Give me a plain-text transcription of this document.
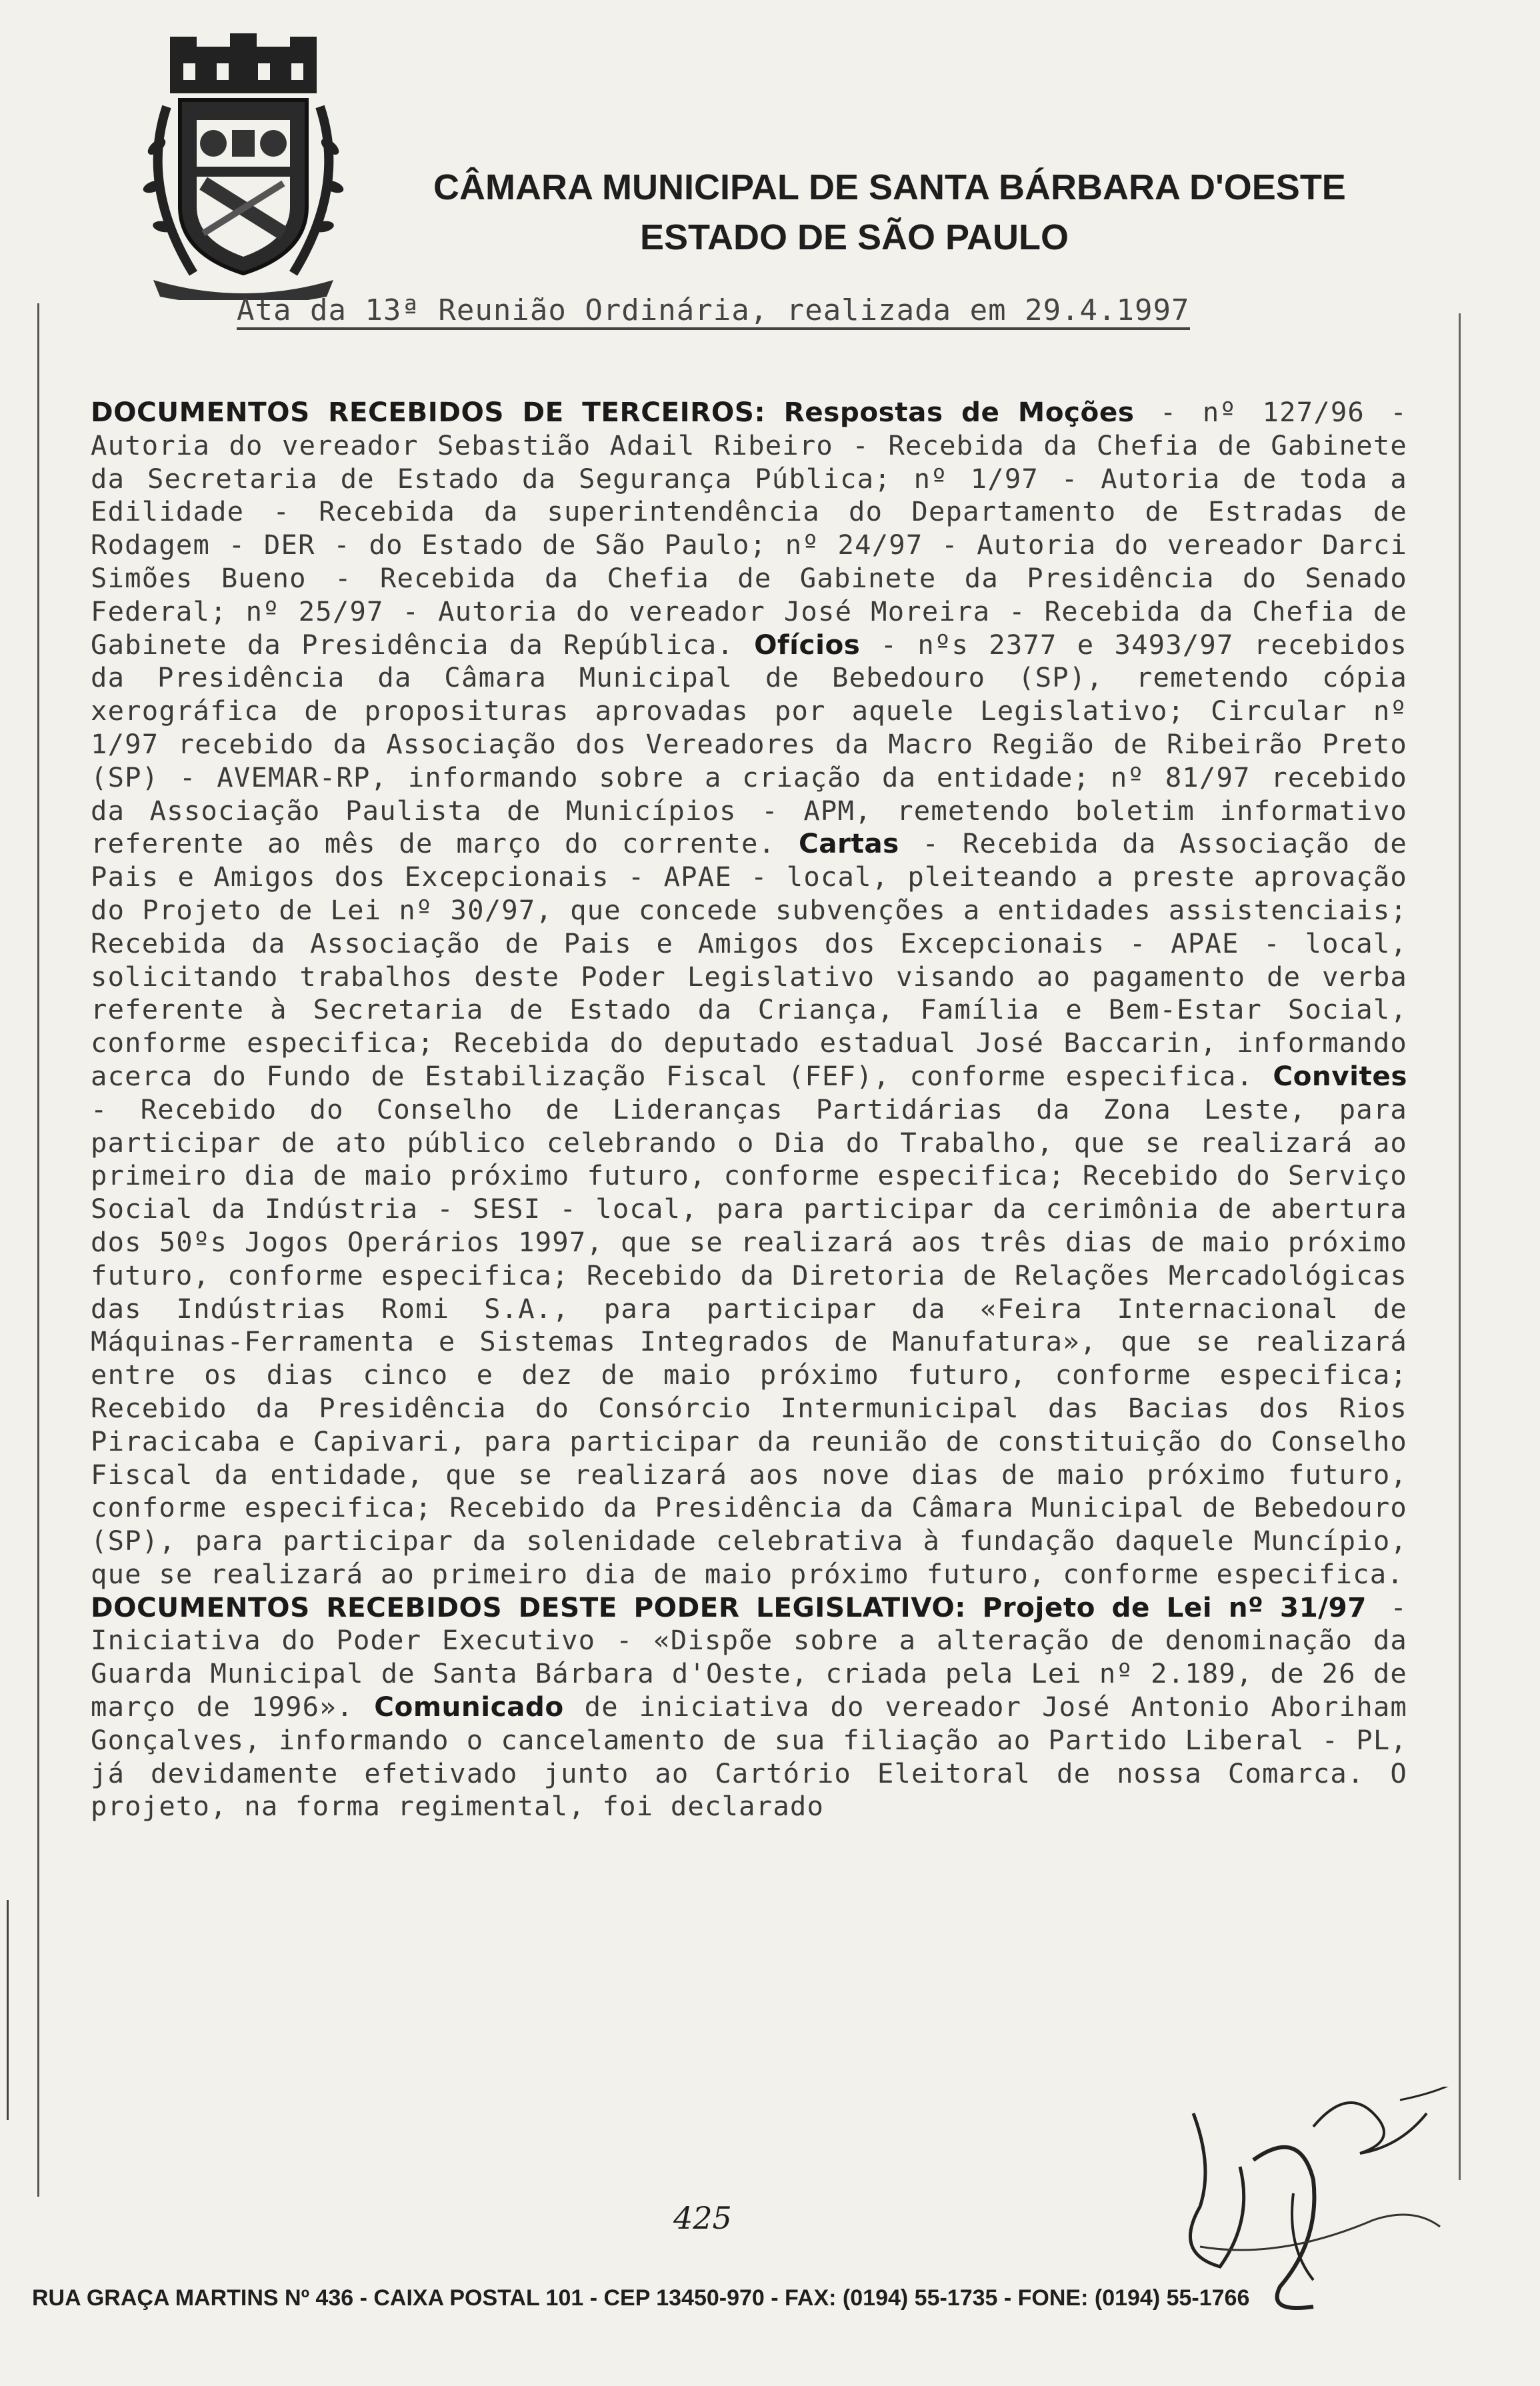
CÂMARA MUNICIPAL DE SANTA BÁRBARA D'OESTE
ESTADO DE SÃO PAULO
Ata da 13ª Reunião Ordinária, realizada em 29.4.1997
DOCUMENTOS RECEBIDOS DE TERCEIROS: Respostas de Moções - nº 127/96 - Autoria do vereador Sebastião Adail Ribeiro - Recebida da Chefia de Gabinete da Secretaria de Estado da Segurança Pública; nº 1/97 - Autoria de toda a Edilidade - Recebida da superintendência do Departamento de Estradas de Rodagem - DER - do Estado de São Paulo; nº 24/97 - Autoria do vereador Darci Simões Bueno - Recebida da Chefia de Gabinete da Presidência do Senado Federal; nº 25/97 - Autoria do vereador José Moreira - Recebida da Chefia de Gabinete da Presidência da República. Ofícios - nºs 2377 e 3493/97 recebidos da Presidência da Câmara Municipal de Bebedouro (SP), remetendo cópia xerográfica de proposituras aprovadas por aquele Legislativo; Circular nº 1/97 recebido da Associação dos Vereadores da Macro Região de Ribeirão Preto (SP) - AVEMAR-RP, informando sobre a criação da entidade; nº 81/97 recebido da Associação Paulista de Municípios - APM, remetendo boletim informativo referente ao mês de março do corrente. Cartas - Recebida da Associação de Pais e Amigos dos Excepcionais - APAE - local, pleiteando a preste aprovação do Projeto de Lei nº 30/97, que concede subvenções a entidades assistenciais; Recebida da Associação de Pais e Amigos dos Excepcionais - APAE - local, solicitando trabalhos deste Poder Legislativo visando ao pagamento de verba referente à Secretaria de Estado da Criança, Família e Bem-Estar Social, conforme especifica; Recebida do deputado estadual José Baccarin, informando acerca do Fundo de Estabilização Fiscal (FEF), conforme especifica. Convites - Recebido do Conselho de Lideranças Partidárias da Zona Leste, para participar de ato público celebrando o Dia do Trabalho, que se realizará ao primeiro dia de maio próximo futuro, conforme especifica; Recebido do Serviço Social da Indústria - SESI - local, para participar da cerimônia de abertura dos 50ºs Jogos Operários 1997, que se realizará aos três dias de maio próximo futuro, conforme especifica; Recebido da Diretoria de Relações Mercadológicas das Indústrias Romi S.A., para participar da «Feira Internacional de Máquinas-Ferramenta e Sistemas Integrados de Manufatura», que se realizará entre os dias cinco e dez de maio próximo futuro, conforme especifica; Recebido da Presidência do Consórcio Intermunicipal das Bacias dos Rios Piracicaba e Capivari, para participar da reunião de constituição do Conselho Fiscal da entidade, que se realizará aos nove dias de maio próximo futuro, conforme especifica; Recebido da Presidência da Câmara Municipal de Bebedouro (SP), para participar da solenidade celebrativa à fundação daquele Muncípio, que se realizará ao primeiro dia de maio próximo futuro, conforme especifica.
DOCUMENTOS RECEBIDOS DESTE PODER LEGISLATIVO: Projeto de Lei nº 31/97 - Iniciativa do Poder Executivo - «Dispõe sobre a alteração de denominação da Guarda Municipal de Santa Bárbara d'Oeste, criada pela Lei nº 2.189, de 26 de março de 1996». Comunicado de iniciativa do vereador José Antonio Aboriham Gonçalves, informando o cancelamento de sua filiação ao Partido Liberal - PL, já devidamente efetivado junto ao Cartório Eleitoral de nossa Comarca. O projeto, na forma regimental, foi declarado
425
RUA GRAÇA MARTINS Nº 436 - CAIXA POSTAL 101 - CEP 13450-970 - FAX: (0194) 55-1735 - FONE: (0194) 55-1766
